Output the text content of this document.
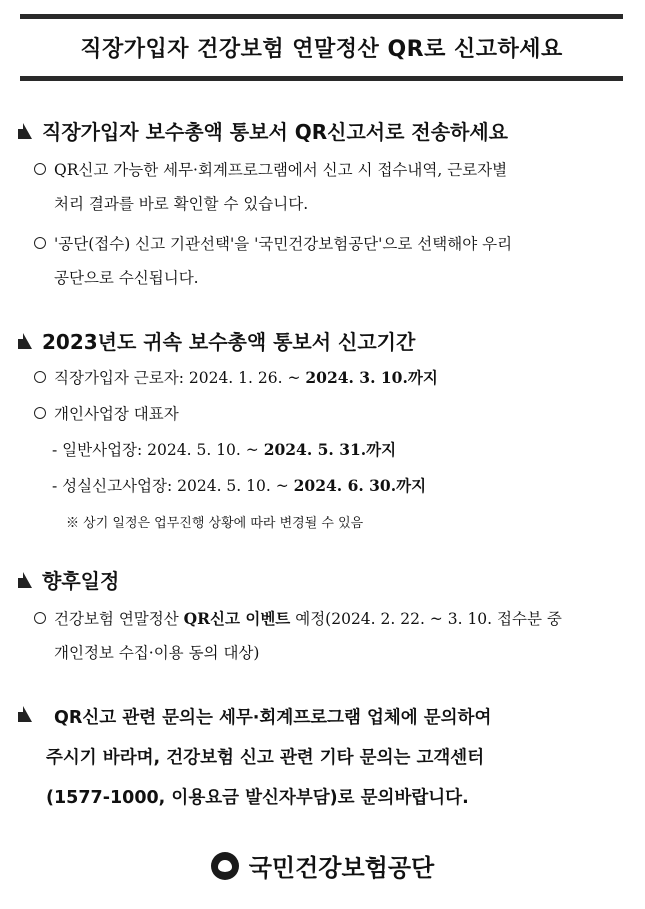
직장가입자 건강보험 연말정산 QR로 신고하세요
직장가입자 보수총액 통보서 QR신고서로 전송하세요
QR신고 가능한 세무·회계프로그램에서 신고 시 접수내역, 근로자별
처리 결과를 바로 확인할 수 있습니다.
'공단(접수) 신고 기관선택'을 '국민건강보험공단'으로 선택해야 우리
공단으로 수신됩니다.
2023년도 귀속 보수총액 통보서 신고기간
직장가입자 근로자: 2024. 1. 26. ~ 2024. 3. 10.까지
개인사업장 대표자
- 일반사업장: 2024. 5. 10. ~ 2024. 5. 31.까지
- 성실신고사업장: 2024. 5. 10. ~ 2024. 6. 30.까지
※ 상기 일정은 업무진행 상황에 따라 변경될 수 있음
향후일정
건강보험 연말정산 QR신고 이벤트 예정(2024. 2. 22. ~ 3. 10. 접수분 중
개인정보 수집·이용 동의 대상)
QR신고 관련 문의는 세무·회계프로그램 업체에 문의하여
주시기 바라며, 건강보험 신고 관련 기타 문의는 고객센터
(1577-1000, 이용요금 발신자부담)로 문의바랍니다.
국민건강보험공단
